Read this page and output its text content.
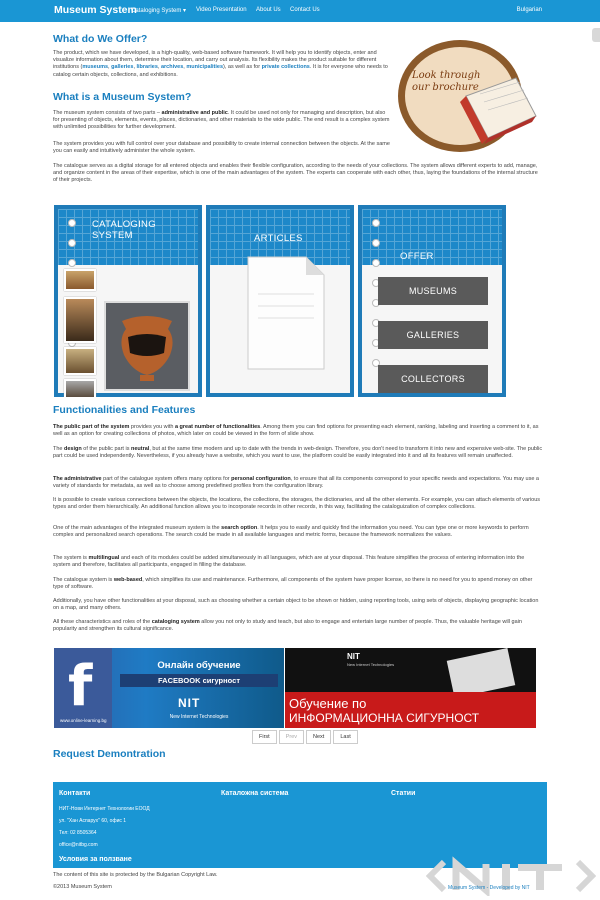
Museum System
Cataloging System ▾ Video Presentation About Us Contact Us	Bulgarian
What do We Offer?
The product, which we have developed, is a high-quality, web-based software framework. It will help you to identify objects, enter and visualize information about them, determine their location, and carry out analysis. Its flexibility makes the product suitable for different institutions (museums, galleries, libraries, archives, municipalities), as well as for private collections. It is for everyone who needs to catalog certain objects, collections, and exhibitions.	Look through
our brochure
What is a Museum System?
The museum system consists of two parts – administrative and public. It could be used not only for managing and description, but also for presenting of objects, elements, events, places, dictionaries, and other materials to the wide public. The end result is a complex system with unlimited possibilities for further development.
The system provides you with full control over your database and possibility to create internal connection between the objects. At the same you can easily and intuitively administer the whole system.
The catalogue serves as a digital storage for all entered objects and enables their flexible configuration, according to the needs of your collections. The system allows different experts to add, manage, and organize content in the areas of their expertise, which is one of the main advantages of the system. The experts can cooperate with each other, thus, laying the foundations of the internal structure of their projects.
CATALOGING SYSTEM	ARTICLES
OFFER
MUSEUMS
GALLERIES
COLLECTORS
Functionalities and Features
The public part of the system provides you with a great number of functionalities. Among them you can find options for presenting each element, ranking, labeling and inserting a comment to it, as well as an option for creating collections of photos, which later on could be viewed in the form of slide show.
The design of the public part is neutral, but at the same time modern and up to date with the trends in web-design. Therefore, you don't need to transform it into new and expensive web-site. The public part could be used independently. Nevertheless, if you already have a website, which you want to use, the platform could be easily integrated into it and all its features will remain unaffected.
The administrative part of the catalogue system offers many options for personal configuration, to ensure that all its components correspond to your specific needs and expectations. You may use a variety of standards for metadata, as well as to choose among predefined profiles from the configuration library.
It is possible to create various connections between the objects, the locations, the collections, the storages, the dictionaries, and all the other elements. For example, you can attach elements of various types and order them hierarchically. An additional function allows you to incorporate records in other records, in this way, facilitating the cataloguization of complex collections.
One of the main advantages of the integrated museum system is the search option. It helps you to easily and quickly find the information you need. You can type one or more keywords to perform complex and personalized search operations. The search could be made in all available languages and metric forms, because the framework normalizes the values.
The system is multilingual and each of its modules could be added simultaneously in all languages, which are at your disposal. This feature simplifies the process of entering information into the system and therefore, facilitates all participants, engaged in filling the database.
The catalogue system is web-based, which simplifies its use and maintenance. Furthermore, all components of the system have proper license, so there is no need for you to spend money on other type of software.
Additionally, you have other functionalities at your disposal, such as choosing whether a certain object to be shown or hidden, using reporting tools, using sets of objects, displaying geographic location on a map, and many others.
All these characteristics and roles of the cataloging system allow you not only to study and teach, but also to engage and entertain large number of people. Thus, the valuable heritage will gain popularity and strengthen its cultural significance.
f
www.online-learning.bg
Онлайн обучение
FACEBOOK сигурност
NIT
New Internet Technologies
NIT
New Internet Technologies
Обучение по
ИНФОРМАЦИОННА СИГУРНОСТ
First	Prev	Next	Last
Request Demontration
Контакти	Каталожна система	Статии
НИТ-Нови Интернет Технологии ЕООД
ул. "Хан Аспарух" 60, офис 1
Тел: 02 8505364
office@nitbg.com
Условия за ползване
The content of this site is protected by the Bulgarian Copyright Law.
©2013 Museum System	Museum System - Developed by NIT
